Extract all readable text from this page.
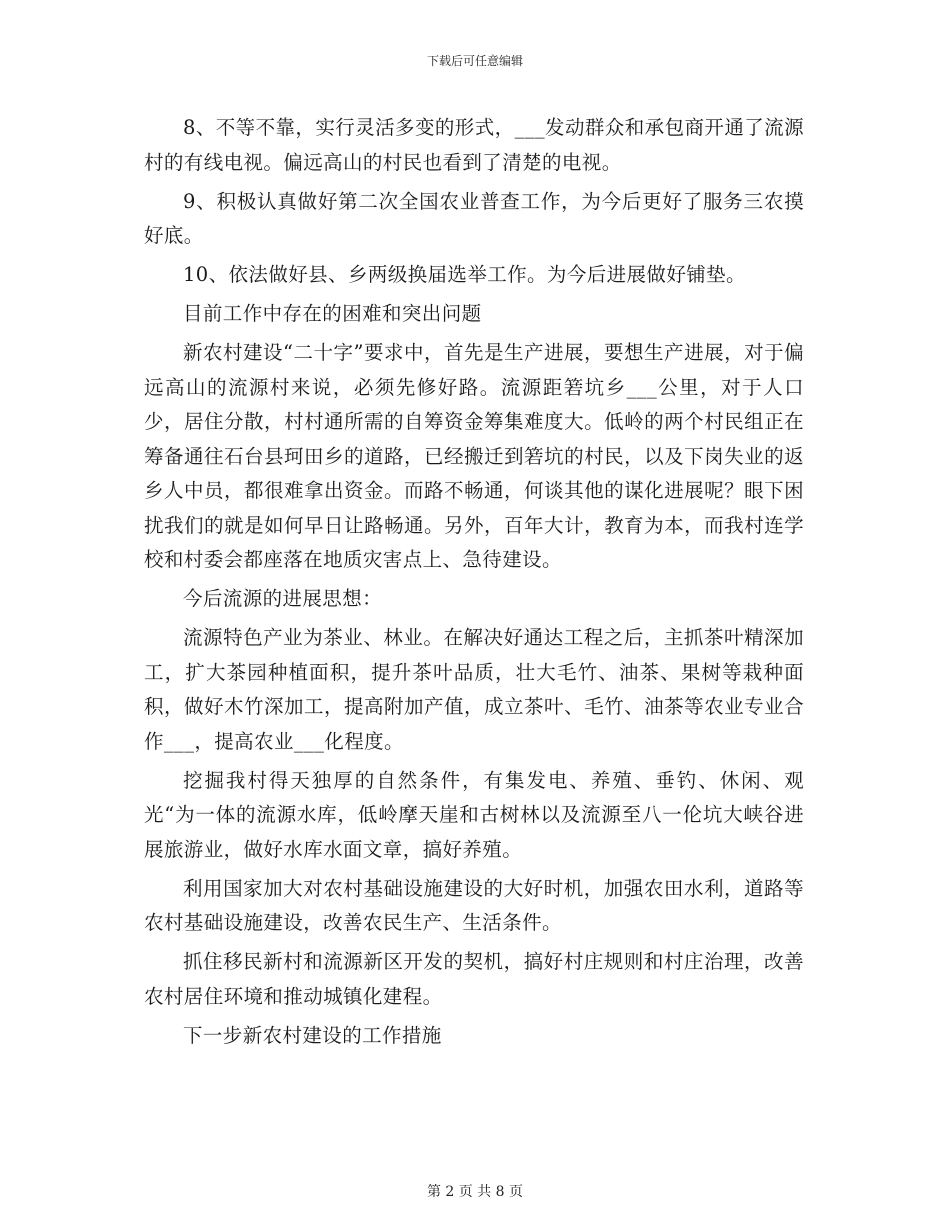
下载后可任意编辑

8、不等不靠，实行灵活多变的形式，___发动群众和承包商开通了流源村的有线电视。偏远高山的村民也看到了清楚的电视。

9、积极认真做好第二次全国农业普查工作，为今后更好了服务三农摸好底。

10、依法做好县、乡两级换届选举工作。为今后进展做好铺垫。

目前工作中存在的困难和突出问题

新农村建设“二十字”要求中，首先是生产进展，要想生产进展，对于偏远高山的流源村来说，必须先修好路。流源距箬坑乡___公里，对于人口少，居住分散，村村通所需的自筹资金筹集难度大。低岭的两个村民组正在筹备通往石台县珂田乡的道路，已经搬迁到箬坑的村民，以及下岗失业的返乡人中员，都很难拿出资金。而路不畅通，何谈其他的谋化进展呢？眼下困扰我们的就是如何早日让路畅通。另外，百年大计，教育为本，而我村连学校和村委会都座落在地质灾害点上、急待建设。

今后流源的进展思想：

流源特色产业为茶业、林业。在解决好通达工程之后，主抓茶叶精深加工，扩大茶园种植面积，提升茶叶品质，壮大毛竹、油茶、果树等栽种面积，做好木竹深加工，提高附加产值，成立茶叶、毛竹、油茶等农业专业合作___，提高农业___化程度。

挖掘我村得天独厚的自然条件，有集发电、养殖、垂钓、休闲、观光“为一体的流源水库，低岭摩天崖和古树林以及流源至八一伦坑大峡谷进展旅游业，做好水库水面文章，搞好养殖。

利用国家加大对农村基础设施建设的大好时机，加强农田水利，道路等农村基础设施建设，改善农民生产、生活条件。

抓住移民新村和流源新区开发的契机，搞好村庄规则和村庄治理，改善农村居住环境和推动城镇化建程。

下一步新农村建设的工作措施

第 2 页 共 8 页
